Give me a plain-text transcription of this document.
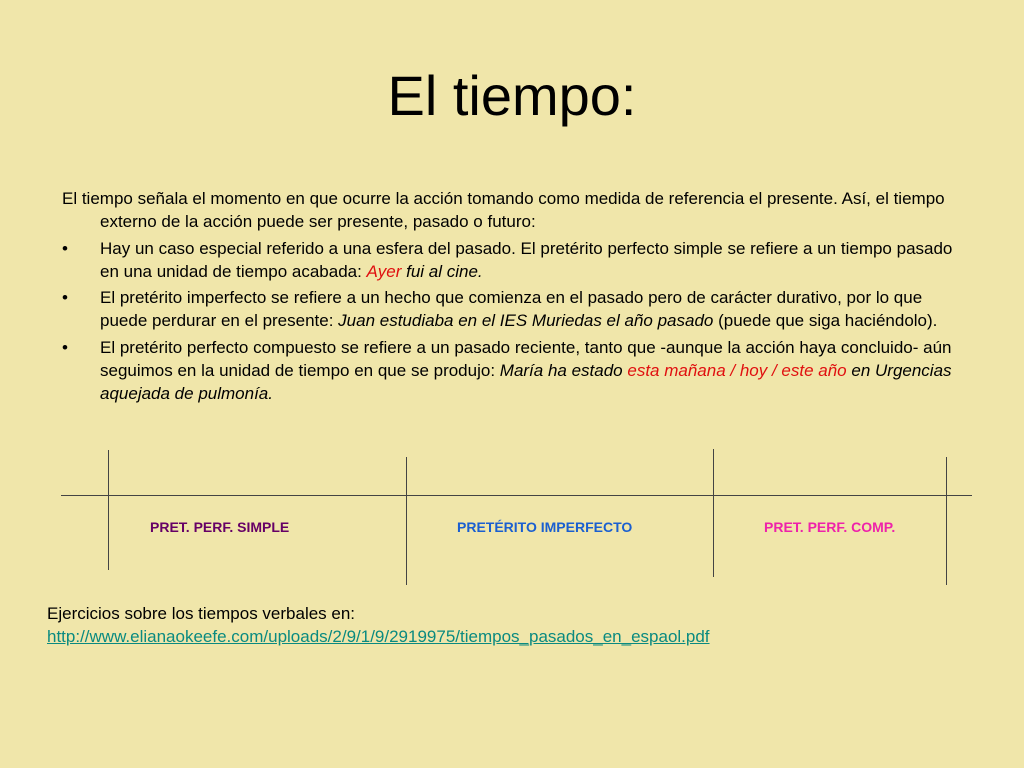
El tiempo:

El tiempo señala el momento en que ocurre la acción tomando como medida de referencia el presente. Así, el tiempo externo de la acción puede ser presente, pasado o futuro:

• Hay un caso especial referido a una esfera del pasado. El pretérito perfecto simple se refiere a un tiempo pasado en una unidad de tiempo acabada: Ayer fui al cine.
• El pretérito imperfecto se refiere a un hecho que comienza en el pasado pero de carácter durativo, por lo que puede perdurar en el presente: Juan estudiaba en el IES Muriedas el año pasado (puede que siga haciéndolo).
• El pretérito perfecto compuesto se refiere a un pasado reciente, tanto que -aunque la acción haya concluido- aún seguimos en la unidad de tiempo en que se produjo: María ha estado esta mañana / hoy / este año en Urgencias aquejada de pulmonía.
PRET. PERF. SIMPLE	PRETÉRITO IMPERFECTO	PRET. PERF. COMP.
Ejercicios sobre los tiempos verbales en:
http://www.elianaokeefe.com/uploads/2/9/1/9/2919975/tiempos_pasados_en_espaol.pdf
